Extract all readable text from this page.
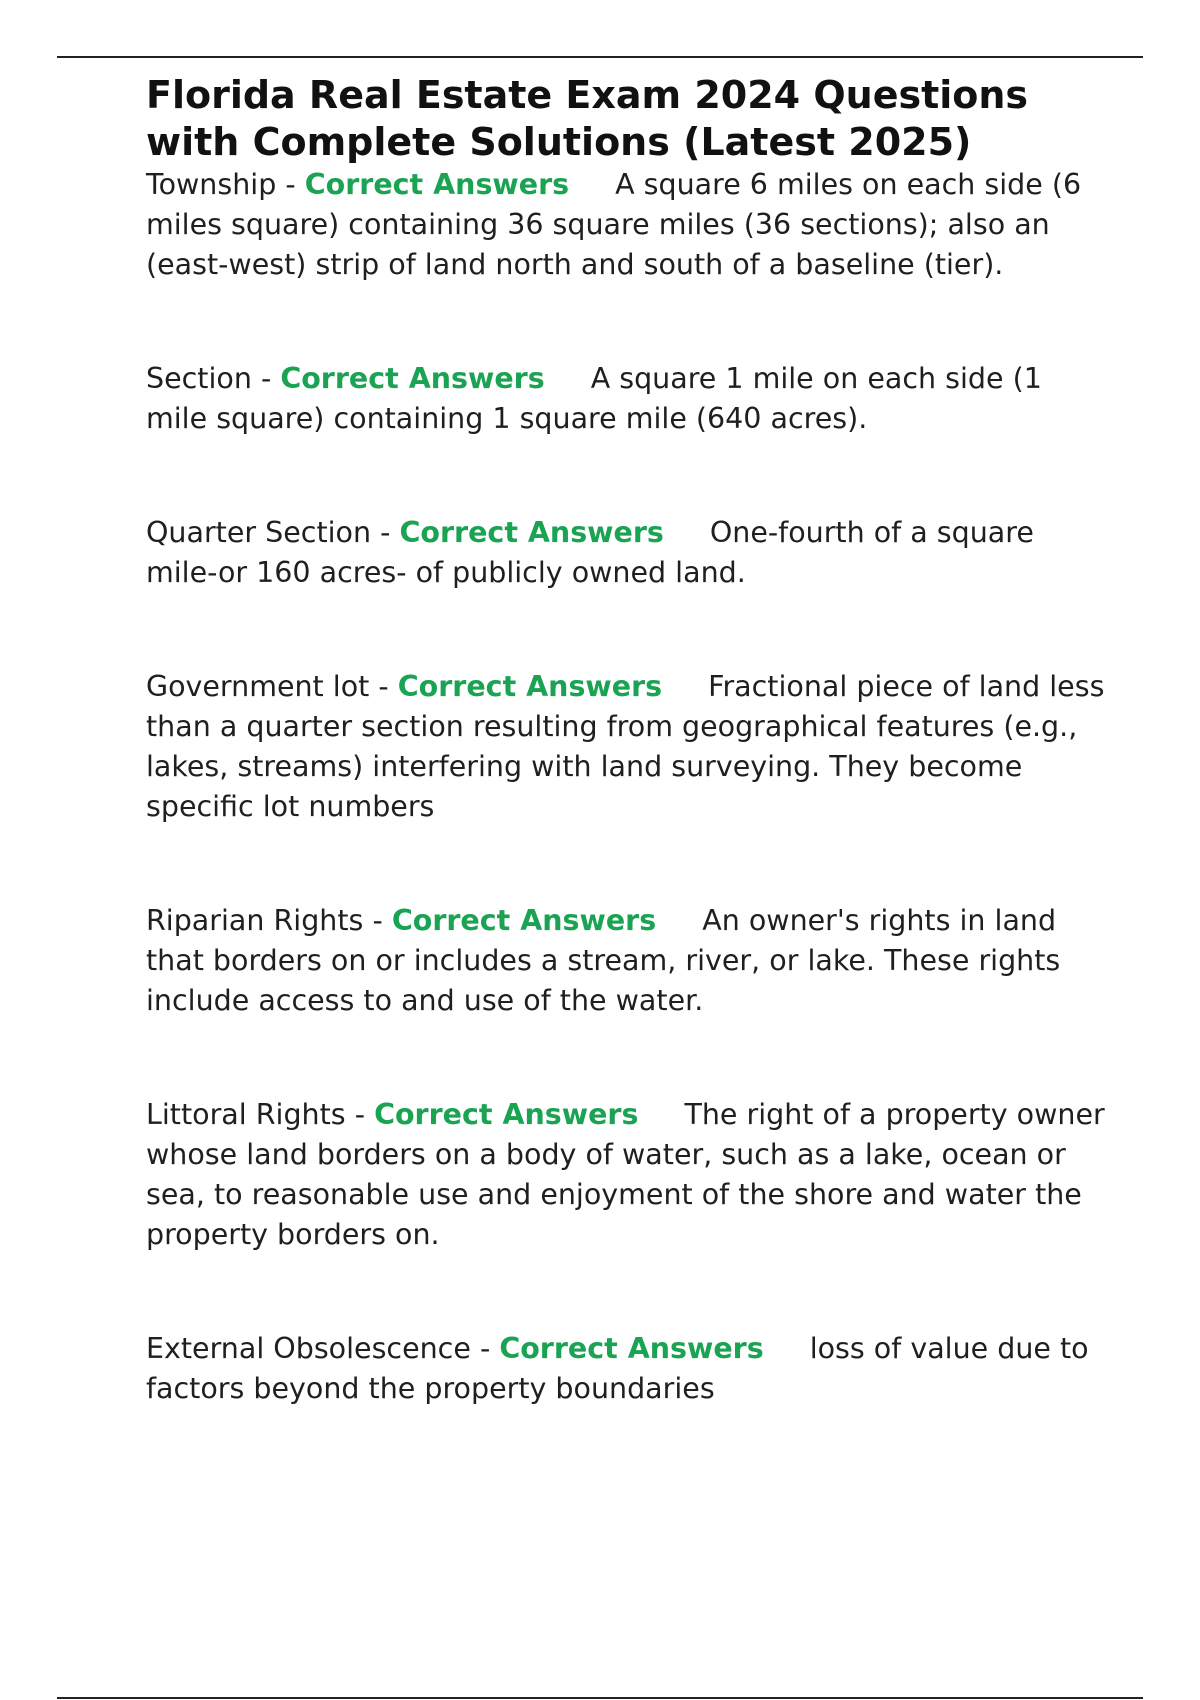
Florida Real Estate Exam 2024 Questions with Complete Solutions (Latest 2025)

Township - Correct Answers A square 6 miles on each side (6 miles square) containing 36 square miles (36 sections); also an (east-west) strip of land north and south of a baseline (tier).

Section - Correct Answers A square 1 mile on each side (1 mile square) containing 1 square mile (640 acres).

Quarter Section - Correct Answers One-fourth of a square mile-or 160 acres- of publicly owned land.

Government lot - Correct Answers Fractional piece of land less than a quarter section resulting from geographical features (e.g., lakes, streams) interfering with land surveying. They become specific lot numbers

Riparian Rights - Correct Answers An owner's rights in land that borders on or includes a stream, river, or lake. These rights include access to and use of the water.

Littoral Rights - Correct Answers The right of a property owner whose land borders on a body of water, such as a lake, ocean or sea, to reasonable use and enjoyment of the shore and water the property borders on.

External Obsolescence - Correct Answers loss of value due to factors beyond the property boundaries
